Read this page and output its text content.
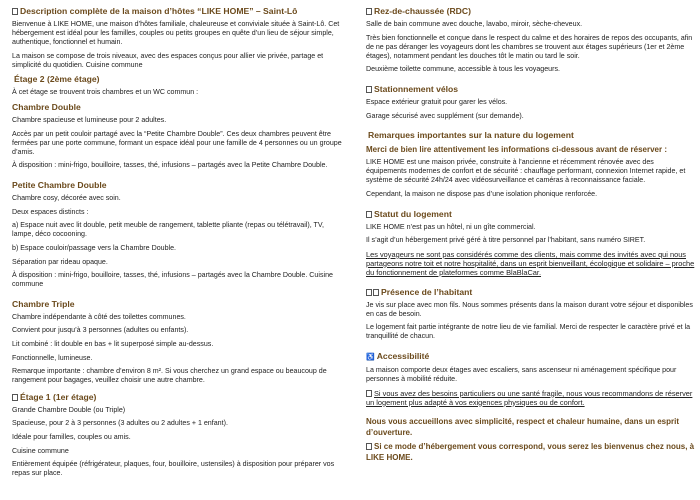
Description complète de la maison d’hôtes “LIKE HOME” – Saint-Lô
Bienvenue à LIKE HOME, une maison d’hôtes familiale, chaleureuse et conviviale située à Saint-Lô. Cet hébergement est idéal pour les familles, couples ou petits groupes en quête d’un lieu de séjour simple, authentique, fonctionnel et humain.
La maison se compose de trois niveaux, avec des espaces conçus pour allier vie privée, partage et simplicité du quotidien. Cuisine commune
Étage 2 (2ème étage)
À cet étage se trouvent trois chambres et un WC commun :
Chambre Double
Chambre spacieuse et lumineuse pour 2 adultes.
Accès par un petit couloir partagé avec la “Petite Chambre Double”. Ces deux chambres peuvent être fermées par une porte commune, formant un espace idéal pour une famille de 4 personnes ou un groupe d’amis.
À disposition : mini-frigo, bouilloire, tasses, thé, infusions – partagés avec la Petite Chambre Double.
Petite Chambre Double
Chambre cosy, décorée avec soin.
Deux espaces distincts :
a) Espace nuit avec lit double, petit meuble de rangement, tablette pliante (repas ou télétravail), TV, lampe, déco cocooning.
b) Espace couloir/passage vers la Chambre Double.
Séparation par rideau opaque.
À disposition : mini-frigo, bouilloire, tasses, thé, infusions – partagés avec la Chambre Double. Cuisine commune
Chambre Triple
Chambre indépendante à côté des toilettes communes.
Convient pour jusqu’à 3 personnes (adultes ou enfants).
Lit combiné : lit double en bas + lit superposé simple au-dessus.
Fonctionnelle, lumineuse.
Remarque importante : chambre d’environ 8 m². Si vous cherchez un grand espace ou beaucoup de rangement pour bagages, veuillez choisir une autre chambre.
Étage 1 (1er étage)
Grande Chambre Double (ou Triple)
Spacieuse, pour 2 à 3 personnes (3 adultes ou 2 adultes + 1 enfant).
Idéale pour familles, couples ou amis.
Cuisine commune
Entièrement équipée (réfrigérateur, plaques, four, bouilloire, ustensiles) à disposition pour préparer vos repas sur place.
Rez-de-chaussée (RDC)
Salle de bain commune avec douche, lavabo, miroir, sèche-cheveux.
Très bien fonctionnelle et conçue dans le respect du calme et des horaires de repos des occupants, afin de ne pas déranger les voyageurs dont les chambres se trouvent aux étages supérieurs (1er et 2ème étages), notamment pendant les douches tôt le matin ou tard le soir.
Deuxième toilette commune, accessible à tous les voyageurs.
Stationnement vélos
Espace extérieur gratuit pour garer les vélos.
Garage sécurisé avec supplément (sur demande).
Remarques importantes sur la nature du logement
Merci de bien lire attentivement les informations ci-dessous avant de réserver :
LIKE HOME est une maison privée, construite à l’ancienne et récemment rénovée avec des équipements modernes de confort et de sécurité : chauffage performant, connexion Internet rapide, et système de sécurité 24h/24 avec vidéosurveillance et caméras à reconnaissance faciale.
Cependant, la maison ne dispose pas d’une isolation phonique renforcée.
Statut du logement
LIKE HOME n’est pas un hôtel, ni un gîte commercial.
Il s’agit d’un hébergement privé géré à titre personnel par l’habitant, sans numéro SIRET.
Les voyageurs ne sont pas considérés comme des clients, mais comme des invités avec qui nous partageons notre toit et notre hospitalité, dans un esprit bienveillant, écologique et solidaire – proche du fonctionnement de plateformes comme BlaBlaCar.
Présence de l’habitant
Je vis sur place avec mon fils. Nous sommes présents dans la maison durant votre séjour et disponibles en cas de besoin.
Le logement fait partie intégrante de notre lieu de vie familial. Merci de respecter le caractère privé et la tranquillité de chacun.
♿ Accessibilité
La maison comporte deux étages avec escaliers, sans ascenseur ni aménagement spécifique pour personnes à mobilité réduite.
Si vous avez des besoins particuliers ou une santé fragile, nous vous recommandons de réserver un logement plus adapté à vos exigences physiques ou de confort.
Nous vous accueillons avec simplicité, respect et chaleur humaine, dans un esprit d’ouverture.
Si ce mode d’hébergement vous correspond, vous serez les bienvenus chez nous, à LIKE HOME.
